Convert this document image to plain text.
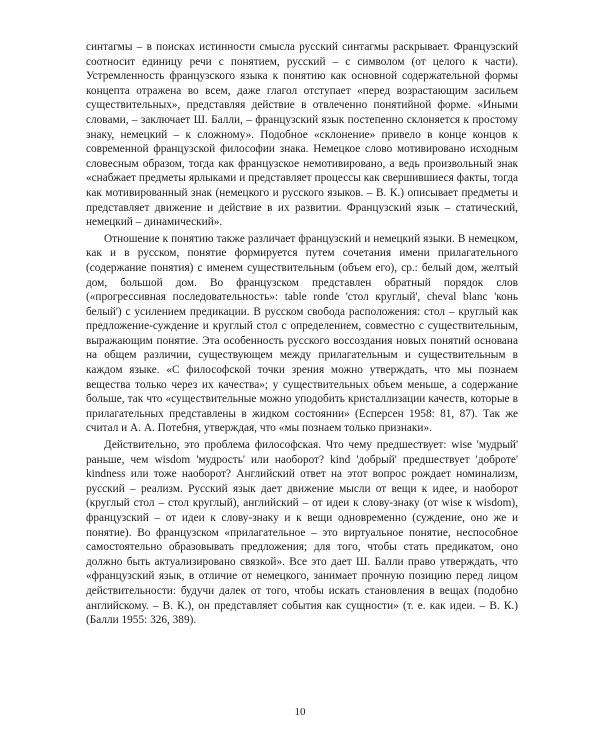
синтагмы – в поисках истинности смысла русский синтагмы раскрывает. Французский соотносит единицу речи с понятием, русский – с символом (от целого к части). Устремленность французского языка к понятию как основной содержательной формы концепта отражена во всем, даже глагол отступает «перед возрастающим засильем существительных», представляя действие в отвлеченно понятийной форме. «Иными словами, – заключает Ш. Балли, – французский язык постепенно склоняется к простому знаку, немецкий – к сложному». Подобное «склонение» привело в конце концов к современной французской философии знака. Немецкое слово мотивировано исходным словесным образом, тогда как французское немотивировано, а ведь произвольный знак «снабжает предметы ярлыками и представляет процессы как свершившиеся факты, тогда как мотивированный знак (немецкого и русского языков. – В. К.) описывает предметы и представляет движение и действие в их развитии. Французский язык – статический, немецкий – динамический».

Отношение к понятию также различает французский и немецкий языки. В немецком, как и в русском, понятие формируется путем сочетания имени прилагательного (содержание понятия) с именем существительным (объем его), ср.: белый дом, желтый дом, большой дом. Во французском представлен обратный порядок слов («прогрессивная последовательность»: table ronde 'стол круглый', cheval blanc 'конь белый') с усилением предикации. В русском свобода расположения: стол – круглый как предложение-суждение и круглый стол с определением, совместно с существительным, выражающим понятие. Эта особенность русского воссоздания новых понятий основана на общем различии, существующем между прилагательным и существительным в каждом языке. «С философской точки зрения можно утверждать, что мы познаем вещества только через их качества»; у существительных объем меньше, а содержание больше, так что «существительные можно уподобить кристаллизации качеств, которые в прилагательных представлены в жидком состоянии» (Есперсен 1958: 81, 87). Так же считал и А. А. Потебня, утверждая, что «мы познаем только признаки».

Действительно, это проблема философская. Что чему предшествует: wise 'мудрый' раньше, чем wisdom 'мудрость' или наоборот? kind 'добрый' предшествует 'доброте' kindness или тоже наоборот? Английский ответ на этот вопрос рождает номинализм, русский – реализм. Русский язык дает движение мысли от вещи к идее, и наоборот (круглый стол – стол круглый), английский – от идеи к слову-знаку (от wise к wisdom), французский – от идеи к слову-знаку и к вещи одновременно (суждение, оно же и понятие). Во французском «прилагательное – это виртуальное понятие, неспособное самостоятельно образовывать предложения; для того, чтобы стать предикатом, оно должно быть актуализировано связкой». Все это дает Ш. Балли право утверждать, что «французский язык, в отличие от немецкого, занимает прочную позицию перед лицом действительности: будучи далек от того, чтобы искать становления в вещах (подобно английскому. – В. К.), он представляет события как сущности» (т. е. как идеи. – В. К.) (Балли 1955: 326, 389).

10
